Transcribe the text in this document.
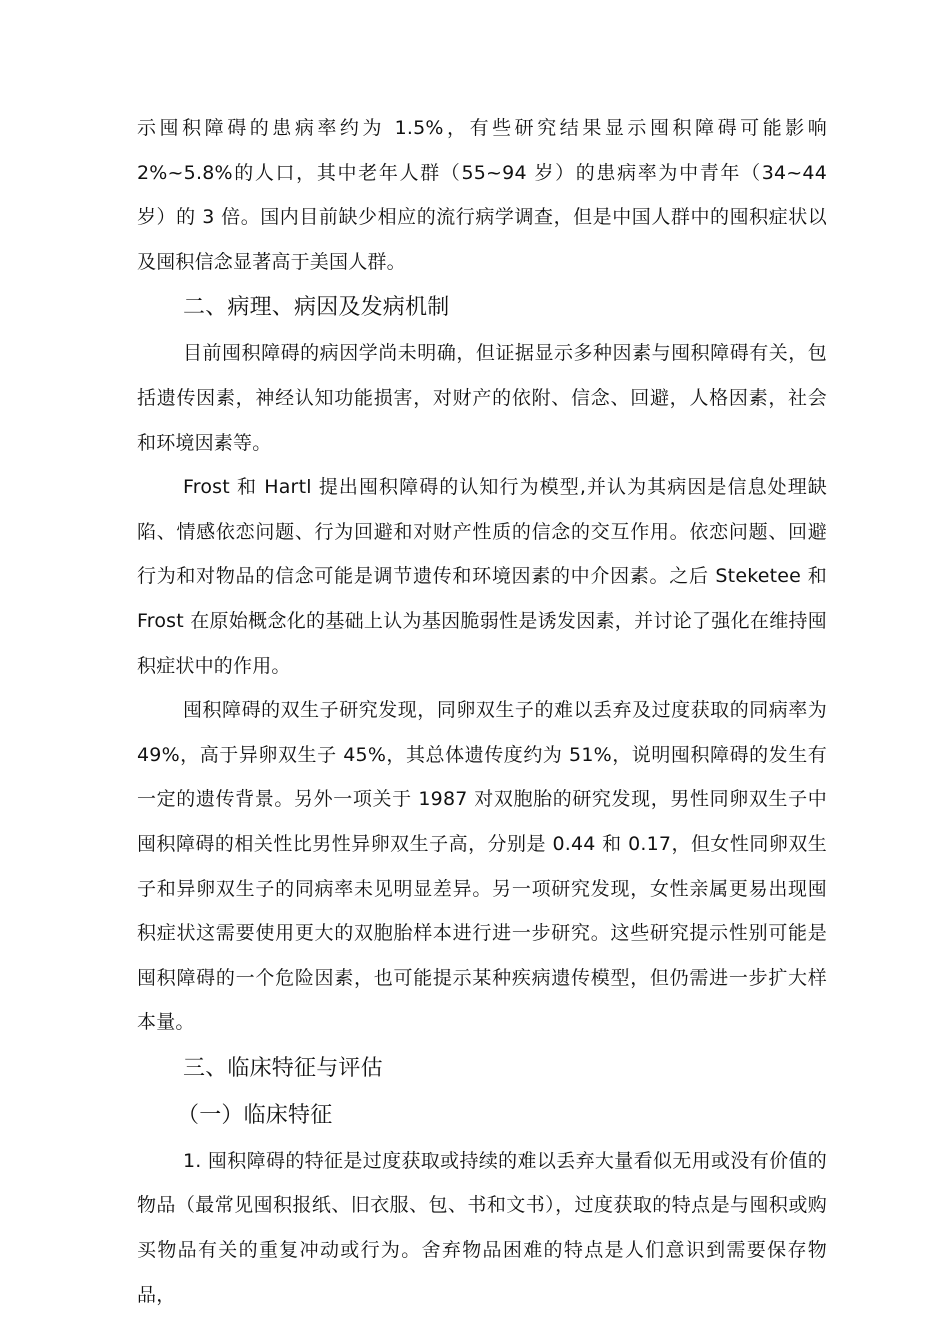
示囤积障碍的患病率约为 1.5%，有些研究结果显示囤积障碍可能影响 2%~5.8%的人口，其中老年人群（55~94 岁）的患病率为中青年（34~44 岁）的 3 倍。国内目前缺少相应的流行病学调查，但是中国人群中的囤积症状以及囤积信念显著高于美国人群。

二、病理、病因及发病机制

目前囤积障碍的病因学尚未明确，但证据显示多种因素与囤积障碍有关，包括遗传因素，神经认知功能损害，对财产的依附、信念、回避，人格因素，社会和环境因素等。

Frost 和 Hartl 提出囤积障碍的认知行为模型,并认为其病因是信息处理缺陷、情感依恋问题、行为回避和对财产性质的信念的交互作用。依恋问题、回避行为和对物品的信念可能是调节遗传和环境因素的中介因素。之后 Steketee 和 Frost 在原始概念化的基础上认为基因脆弱性是诱发因素，并讨论了强化在维持囤积症状中的作用。

囤积障碍的双生子研究发现，同卵双生子的难以丢弃及过度获取的同病率为 49%，高于异卵双生子 45%，其总体遗传度约为 51%，说明囤积障碍的发生有一定的遗传背景。另外一项关于 1987 对双胞胎的研究发现，男性同卵双生子中囤积障碍的相关性比男性异卵双生子高，分别是 0.44 和 0.17，但女性同卵双生子和异卵双生子的同病率未见明显差异。另一项研究发现，女性亲属更易出现囤积症状这需要使用更大的双胞胎样本进行进一步研究。这些研究提示性别可能是囤积障碍的一个危险因素，也可能提示某种疾病遗传模型，但仍需进一步扩大样本量。

三、临床特征与评估
（一）临床特征

1. 囤积障碍的特征是过度获取或持续的难以丢弃大量看似无用或没有价值的物品（最常见囤积报纸、旧衣服、包、书和文书），过度获取的特点是与囤积或购买物品有关的重复冲动或行为。舍弃物品困难的特点是人们意识到需要保存物品，
